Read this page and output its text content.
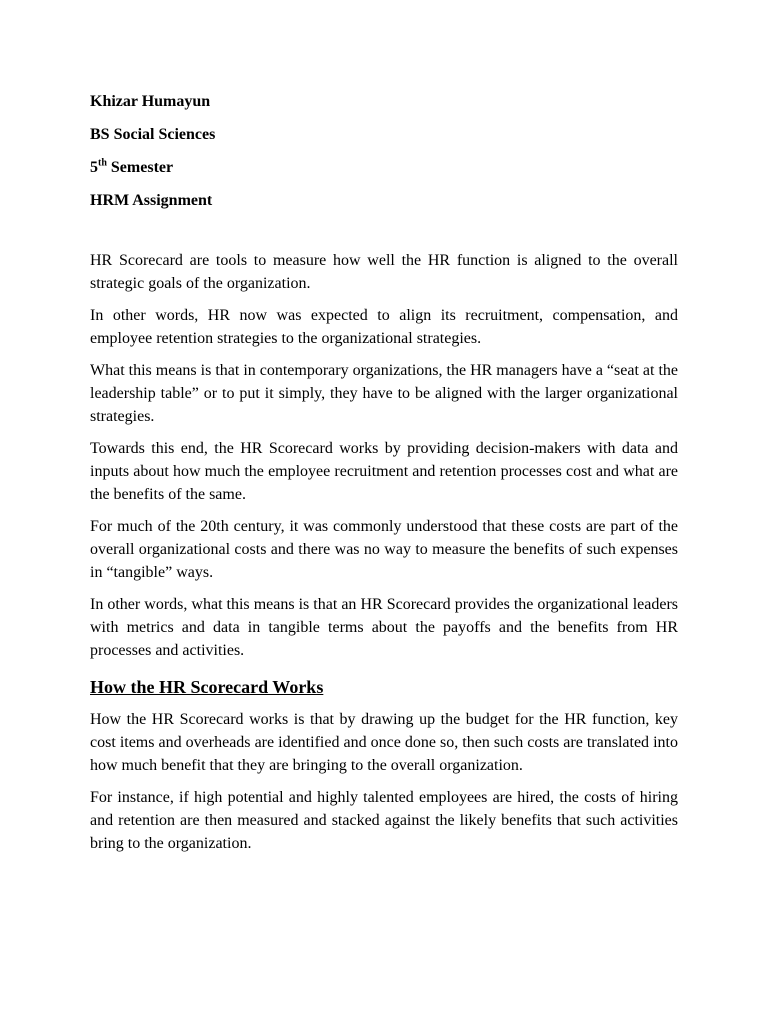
Khizar Humayun
BS Social Sciences
5th Semester
HRM Assignment

HR Scorecard are tools to measure how well the HR function is aligned to the overall strategic goals of the organization.

In other words, HR now was expected to align its recruitment, compensation, and employee retention strategies to the organizational strategies.

What this means is that in contemporary organizations, the HR managers have a “seat at the leadership table” or to put it simply, they have to be aligned with the larger organizational strategies.

Towards this end, the HR Scorecard works by providing decision-makers with data and inputs about how much the employee recruitment and retention processes cost and what are the benefits of the same.

For much of the 20th century, it was commonly understood that these costs are part of the overall organizational costs and there was no way to measure the benefits of such expenses in “tangible” ways.

In other words, what this means is that an HR Scorecard provides the organizational leaders with metrics and data in tangible terms about the payoffs and the benefits from HR processes and activities.

How the HR Scorecard Works

How the HR Scorecard works is that by drawing up the budget for the HR function, key cost items and overheads are identified and once done so, then such costs are translated into how much benefit that they are bringing to the overall organization.

For instance, if high potential and highly talented employees are hired, the costs of hiring and retention are then measured and stacked against the likely benefits that such activities bring to the organization.
